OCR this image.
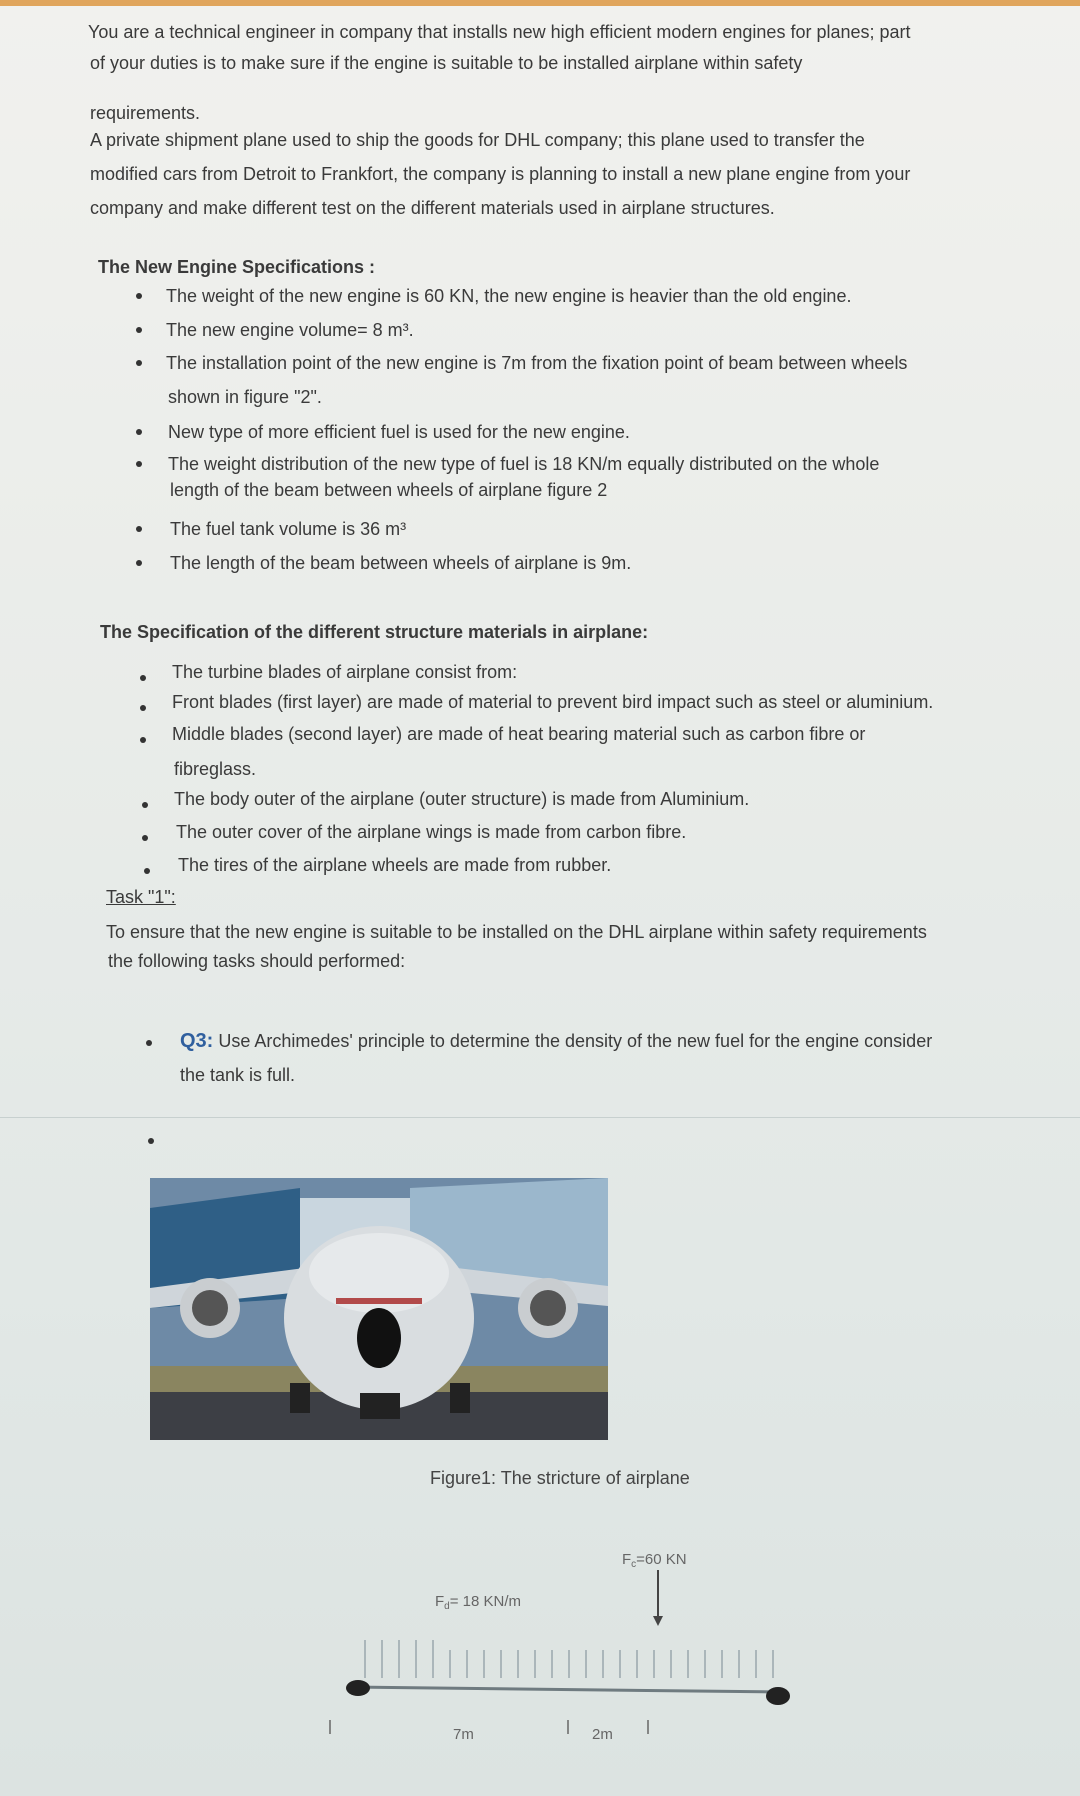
You are a technical engineer in company that installs new high efficient modern engines for planes; part
of your duties is to make sure if the engine is suitable to be installed airplane within safety
requirements.
A private shipment plane used to ship the goods for DHL company; this plane used to transfer the
modified cars from Detroit to Frankfort, the company is planning to install a new plane engine from your
company and make different test on the different materials used in airplane structures.
The New Engine Specifications :
The weight of the new engine is 60 KN, the new engine is heavier than the old engine.
The new engine volume= 8 m³.
The installation point of the new engine is 7m from the fixation point of beam between wheels
shown in figure "2".
New type of more efficient fuel is used for the new engine.
The weight distribution of the new type of fuel is 18 KN/m equally distributed on the whole
length of the beam between wheels of airplane figure 2
The fuel tank volume is 36 m³
The length of the beam between wheels of airplane is 9m.
The Specification of the different structure materials in airplane:
The turbine blades of airplane consist from:
Front blades (first layer) are made of material to prevent bird impact such as steel or aluminium.
Middle blades (second layer) are made of heat bearing material such as carbon fibre or
fibreglass.
The body outer of the airplane (outer structure) is made from Aluminium.
The outer cover of the airplane wings is made from carbon fibre.
The tires of the airplane wheels are made from rubber.
Task "1":
To ensure that the new engine is suitable to be installed on the DHL airplane within safety requirements
the following tasks should performed:
Q3: Use Archimedes' principle to determine the density of the new fuel for the engine consider
the tank is full.
Figure1: The stricture of airplane
$F_c=60$ KN
$F_d= 18$ KN/m
7m	2m
